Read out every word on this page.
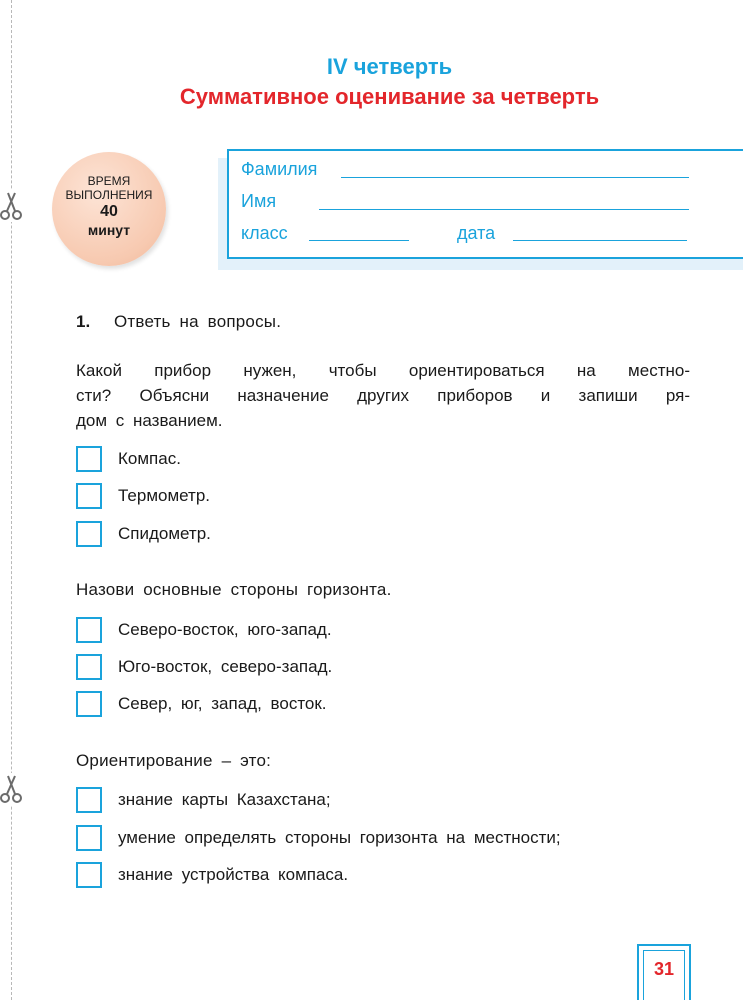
IV четверть
Суммативное оценивание за четверть
ВРЕМЯ
ВЫПОЛНЕНИЯ
40
минут
Фамилия
Имя
класс	дата
1. Ответь на вопросы.
Какой прибор нужен, чтобы ориентироваться на местно-
сти? Объясни назначение других приборов и запиши ря-
дом с названием.
Компас.
Термометр.
Спидометр.
Назови основные стороны горизонта.
Северо-восток, юго-запад.
Юго-восток, северо-запад.
Север, юг, запад, восток.
Ориентирование – это:
знание карты Казахстана;
умение определять стороны горизонта на местности;
знание устройства компаса.
31
